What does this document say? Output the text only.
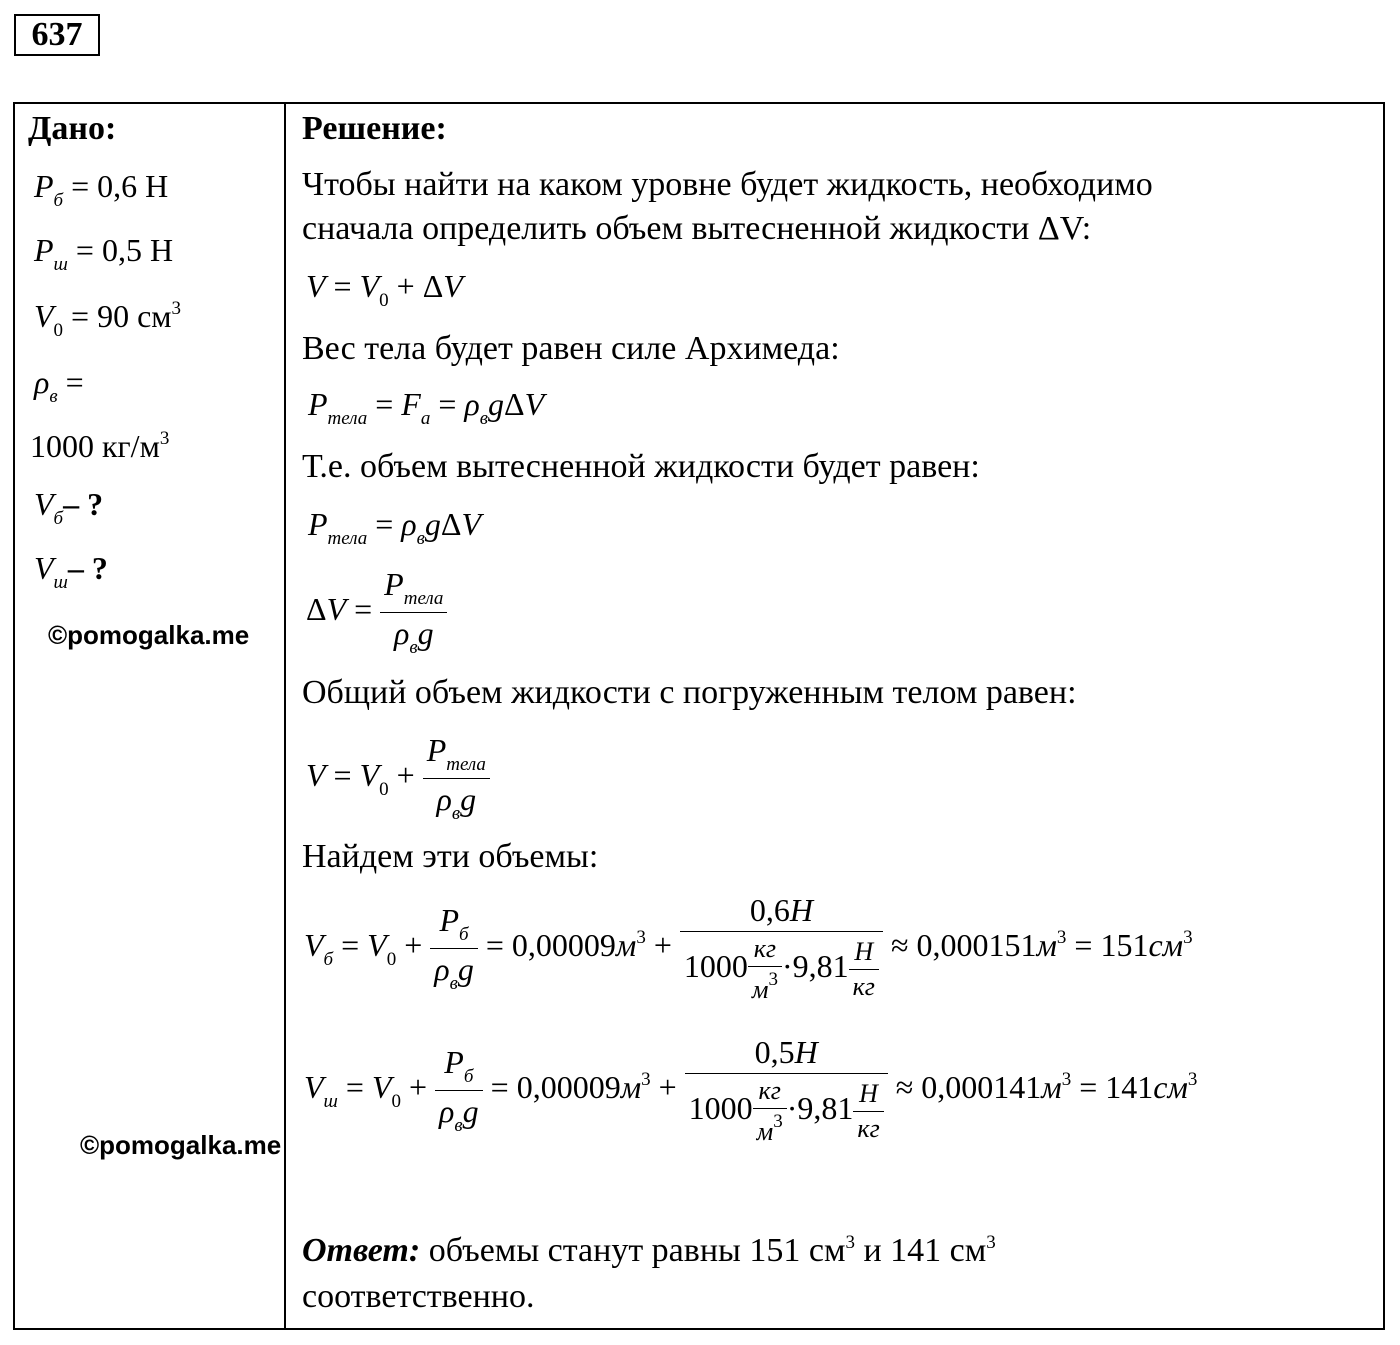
637
Дано:
$P_б = 0,6$ Н
$P_ш = 0,5$ Н
$V_0 = 90$ $см^3$
$\rho_в$ =
1000 $кг/м^3$
$V_б-$ ?
$V_ш-$ ?
©pomogalka.me
©pomogalka.me
Решение:
Чтобы найти на каком уровне будет жидкость, необходимо
сначала определить объем вытесненной жидкости ΔV:
$V = V_0 + \Delta V$
Вес тела будет равен силе Архимеда:
$P_{тела} = F_а = \rho_вg\Delta V$
Т.е. объем вытесненной жидкости будет равен:
$P_{тела} = \rho_вg\Delta V$
$\Delta V = \frac{P_{тела}}{\rho_вg}$
Общий объем жидкости с погруженным телом равен:
$V = V_0 + \frac{P_{тела}}{\rho_вg}$
Найдем эти объемы:
$V_б = V_0 + \frac{P_б}{\rho_вg} = 0,00009м^3 + \frac{0,6Н}{1000 \frac{кг}{м^3} \cdot 9,81 \frac{Н}{кг}} \approx 0,000151м^3 = 151см^3$
$V_ш = V_0 + \frac{P_б}{\rho_вg} = 0,00009м^3 + \frac{0,5Н}{1000 \frac{кг}{м^3} \cdot 9,81 \frac{Н}{кг}} \approx 0,000141м^3 = 141см^3$
Ответ: объемы станут равны 151 $см^3$ и 141 $см^3$
соответственно.
